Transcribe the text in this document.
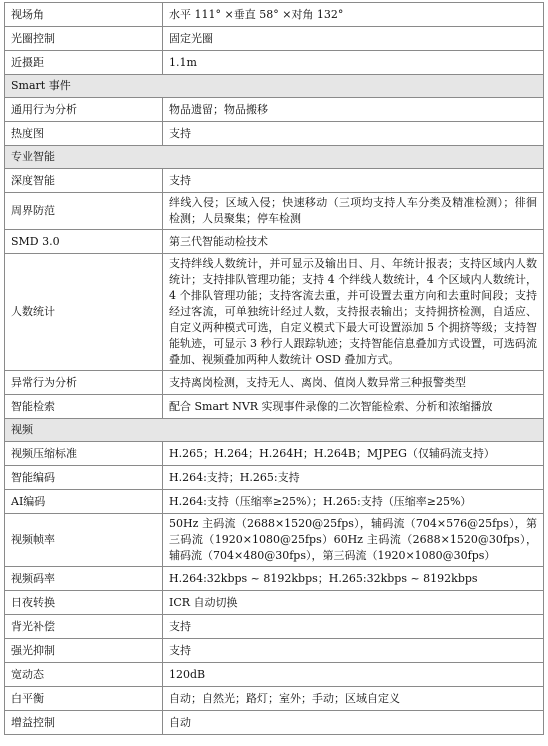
视场角	水平 111° ×垂直 58° ×对角 132°
光圈控制	固定光圈
近摄距	1.1m
Smart 事件	
通用行为分析	物品遗留；物品搬移
热度图	支持
专业智能	
深度智能	支持
周界防范	绊线入侵；区域入侵；快速移动（三项均支持人车分类及精准检测）；徘徊检测；人员聚集；停车检测
SMD 3.0	第三代智能动检技术
人数统计	支持绊线人数统计，并可显示及输出日、月、年统计报表；支持区域内人数统计；支持排队管理功能；支持 4 个绊线人数统计，4 个区域内人数统计，4 个排队管理功能；支持客流去重，并可设置去重方向和去重时间段；支持经过客流，可单独统计经过人数，支持报表输出；支持拥挤检测，自适应、自定义两种模式可选，自定义模式下最大可设置添加 5 个拥挤等级；支持智能轨迹，可显示 3 秒行人跟踪轨迹；支持智能信息叠加方式设置，可选码流叠加、视频叠加两种人数统计 OSD 叠加方式。
异常行为分析	支持离岗检测，支持无人、离岗、值岗人数异常三种报警类型
智能检索	配合 Smart NVR 实现事件录像的二次智能检索、分析和浓缩播放
视频	
视频压缩标准	H.265；H.264；H.264H；H.264B；MJPEG（仅辅码流支持）
智能编码	H.264:支持；H.265:支持
AI编码	H.264:支持（压缩率≥25%）；H.265:支持（压缩率≥25%）
视频帧率	50Hz 主码流（2688×1520@25fps），辅码流（704×576@25fps），第三码流（1920×1080@25fps）60Hz 主码流（2688×1520@30fps），辅码流（704×480@30fps），第三码流（1920×1080@30fps）
视频码率	H.264:32kbps ~ 8192kbps；H.265:32kbps ~ 8192kbps
日夜转换	ICR 自动切换
背光补偿	支持
强光抑制	支持
宽动态	120dB
白平衡	自动；自然光；路灯；室外；手动；区域自定义
增益控制	自动
